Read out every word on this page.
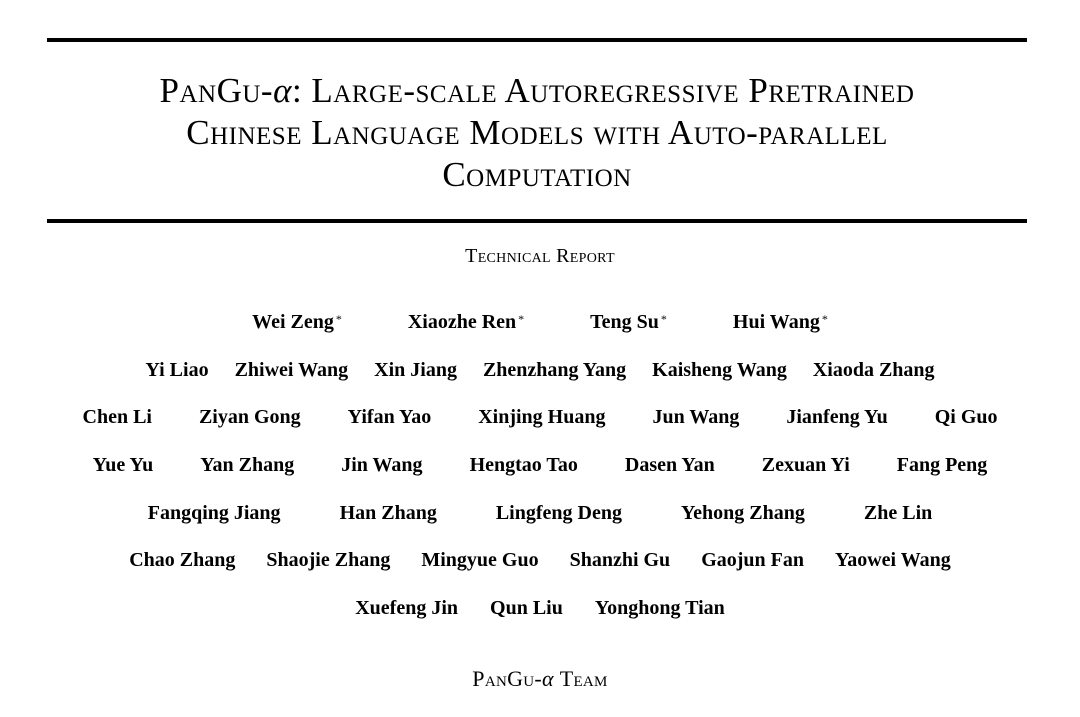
PanGu-α: Large-scale Autoregressive Pretrained
Chinese Language Models with Auto-parallel
Computation
Technical Report
Wei Zeng *	Xiaozhe Ren *	Teng Su *	Hui Wang *
Yi Liao Zhiwei Wang Xin Jiang Zhenzhang Yang Kaisheng Wang Xiaoda Zhang
Chen Li Ziyan Gong Yifan Yao Xinjing Huang Jun Wang Jianfeng Yu Qi Guo
Yue Yu Yan Zhang Jin Wang Hengtao Tao Dasen Yan Zexuan Yi Fang Peng
Fangqing Jiang	Han Zhang	Lingfeng Deng	Yehong Zhang	Zhe Lin
Chao Zhang Shaojie Zhang Mingyue Guo Shanzhi Gu Gaojun Fan Yaowei Wang
Xuefeng Jin Qun Liu Yonghong Tian
PanGu-α Team
